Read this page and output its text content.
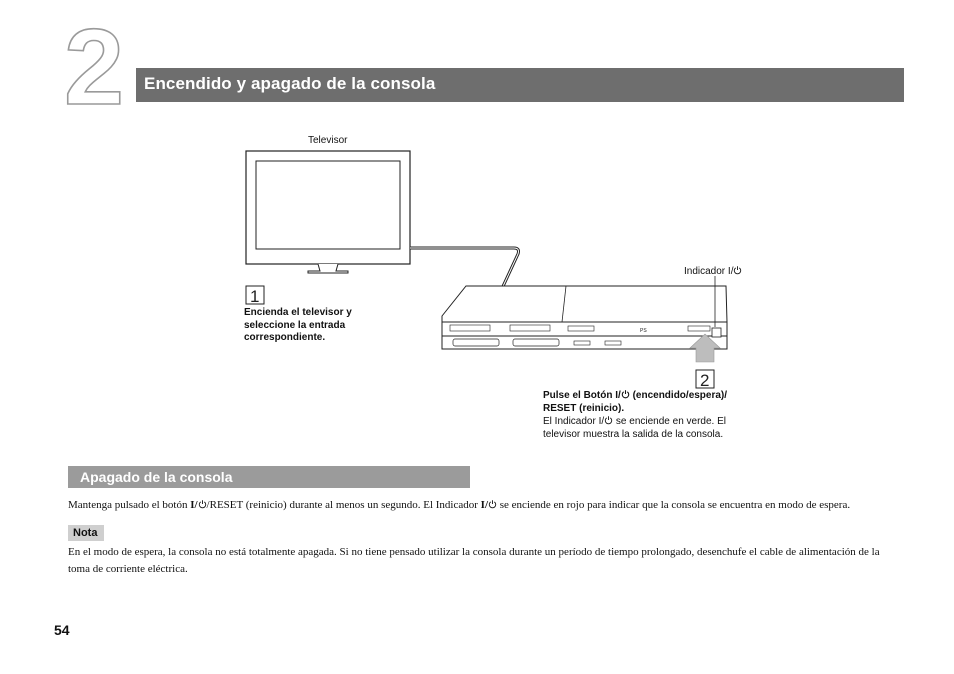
2 Encendido y apagado de la consola
PS
1
2
Televisor
Indicador I/
Encienda el televisor y seleccione la entrada correspondiente.
Pulse el Botón I/ (encendido/espera)/
RESET (reinicio).
El Indicador I/ se enciende en verde. El
televisor muestra la salida de la consola.
Apagado de la consola
Mantenga pulsado el botón I/ /RESET (reinicio) durante al menos un segundo. El Indicador I/ se enciende en rojo para indicar que la consola se encuentra en modo de espera.
Nota
En el modo de espera, la consola no está totalmente apagada. Si no tiene pensado utilizar la consola durante un período de tiempo prolongado, desenchufe el cable de alimentación de la toma de corriente eléctrica.
54
